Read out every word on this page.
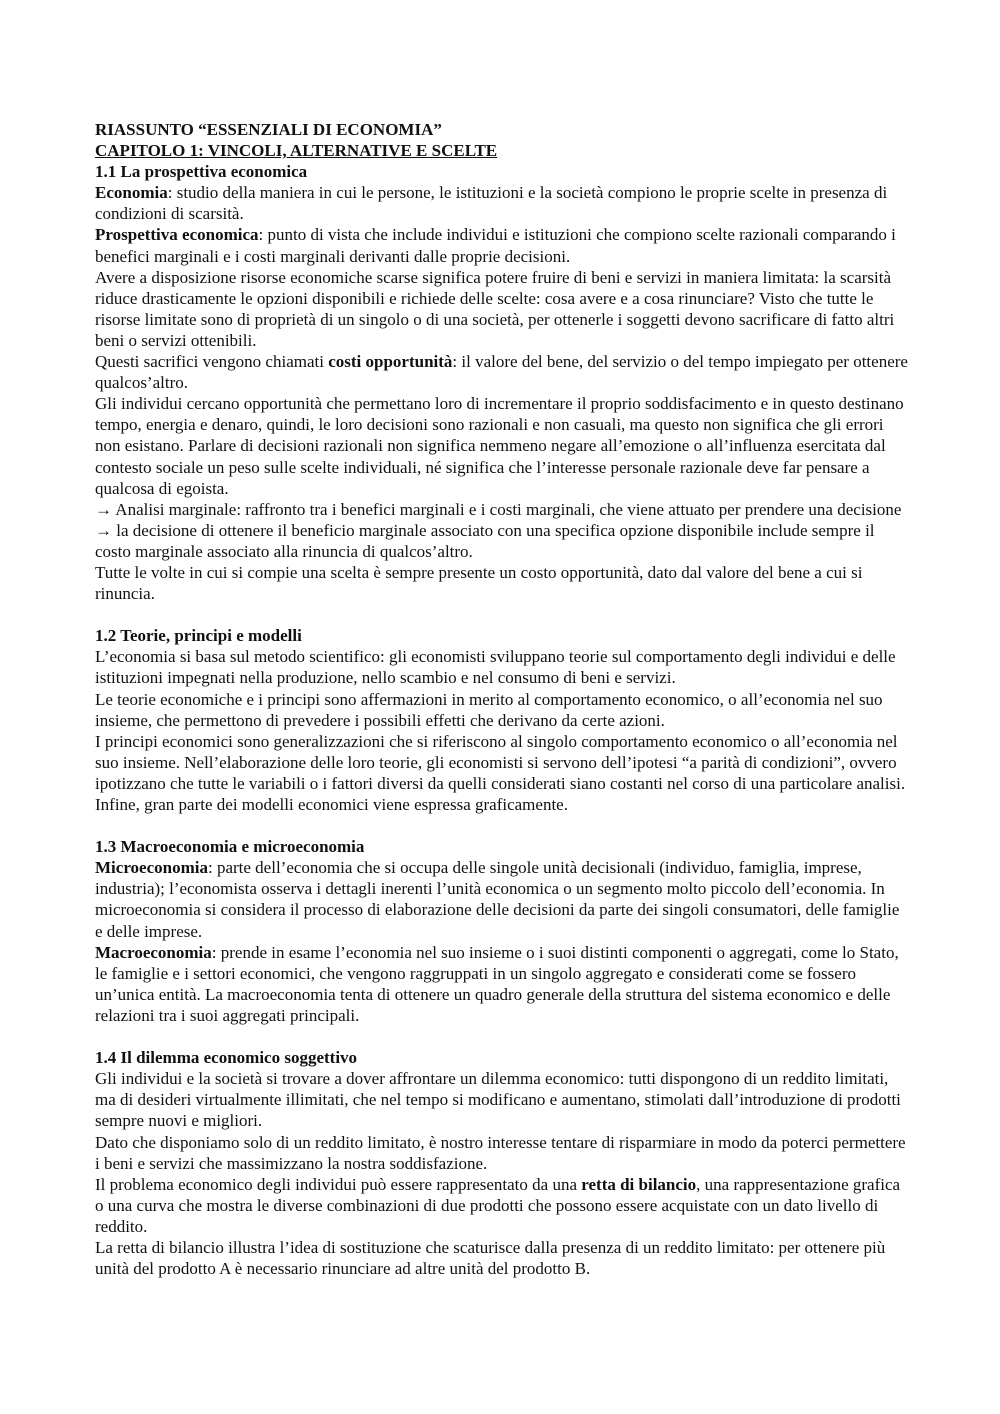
RIASSUNTO “ESSENZIALI DI ECONOMIA”

CAPITOLO 1: VINCOLI, ALTERNATIVE E SCELTE

1.1 La prospettiva economica

Economia: studio della maniera in cui le persone, le istituzioni e la società compiono le proprie scelte in presenza di condizioni di scarsità.

Prospettiva economica: punto di vista che include individui e istituzioni che compiono scelte razionali comparando i benefici marginali e i costi marginali derivanti dalle proprie decisioni.

Avere a disposizione risorse economiche scarse significa potere fruire di beni e servizi in maniera limitata: la scarsità riduce drasticamente le opzioni disponibili e richiede delle scelte: cosa avere e a cosa rinunciare? Visto che tutte le risorse limitate sono di proprietà di un singolo o di una società, per ottenerle i soggetti devono sacrificare di fatto altri beni o servizi ottenibili.

Questi sacrifici vengono chiamati costi opportunità: il valore del bene, del servizio o del tempo impiegato per ottenere qualcos’altro.

Gli individui cercano opportunità che permettano loro di incrementare il proprio soddisfacimento e in questo destinano tempo, energia e denaro, quindi, le loro decisioni sono razionali e non casuali, ma questo non significa che gli errori non esistano. Parlare di decisioni razionali non significa nemmeno negare all’emozione o all’influenza esercitata dal contesto sociale un peso sulle scelte individuali, né significa che l’interesse personale razionale deve far pensare a qualcosa di egoista.

→ Analisi marginale: raffronto tra i benefici marginali e i costi marginali, che viene attuato per prendere una decisione → la decisione di ottenere il beneficio marginale associato con una specifica opzione disponibile include sempre il costo marginale associato alla rinuncia di qualcos’altro.

Tutte le volte in cui si compie una scelta è sempre presente un costo opportunità, dato dal valore del bene a cui si rinuncia.

1.2 Teorie, principi e modelli

L’economia si basa sul metodo scientifico: gli economisti sviluppano teorie sul comportamento degli individui e delle istituzioni impegnati nella produzione, nello scambio e nel consumo di beni e servizi.

Le teorie economiche e i principi sono affermazioni in merito al comportamento economico, o all’economia nel suo insieme, che permettono di prevedere i possibili effetti che derivano da certe azioni.

I principi economici sono generalizzazioni che si riferiscono al singolo comportamento economico o all’economia nel suo insieme. Nell’elaborazione delle loro teorie, gli economisti si servono dell’ipotesi “a parità di condizioni”, ovvero ipotizzano che tutte le variabili o i fattori diversi da quelli considerati siano costanti nel corso di una particolare analisi.

Infine, gran parte dei modelli economici viene espressa graficamente.

1.3 Macroeconomia e microeconomia

Microeconomia: parte dell’economia che si occupa delle singole unità decisionali (individuo, famiglia, imprese, industria); l’economista osserva i dettagli inerenti l’unità economica o un segmento molto piccolo dell’economia. In microeconomia si considera il processo di elaborazione delle decisioni da parte dei singoli consumatori, delle famiglie e delle imprese.

Macroeconomia: prende in esame l’economia nel suo insieme o i suoi distinti componenti o aggregati, come lo Stato, le famiglie e i settori economici, che vengono raggruppati in un singolo aggregato e considerati come se fossero un’unica entità. La macroeconomia tenta di ottenere un quadro generale della struttura del sistema economico e delle relazioni tra i suoi aggregati principali.

1.4 Il dilemma economico soggettivo

Gli individui e la società si trovare a dover affrontare un dilemma economico: tutti dispongono di un reddito limitati, ma di desideri virtualmente illimitati, che nel tempo si modificano e aumentano, stimolati dall’introduzione di prodotti sempre nuovi e migliori.

Dato che disponiamo solo di un reddito limitato, è nostro interesse tentare di risparmiare in modo da poterci permettere i beni e servizi che massimizzano la nostra soddisfazione.

Il problema economico degli individui può essere rappresentato da una retta di bilancio, una rappresentazione grafica o una curva che mostra le diverse combinazioni di due prodotti che possono essere acquistate con un dato livello di reddito.

La retta di bilancio illustra l’idea di sostituzione che scaturisce dalla presenza di un reddito limitato: per ottenere più unità del prodotto A è necessario rinunciare ad altre unità del prodotto B.
